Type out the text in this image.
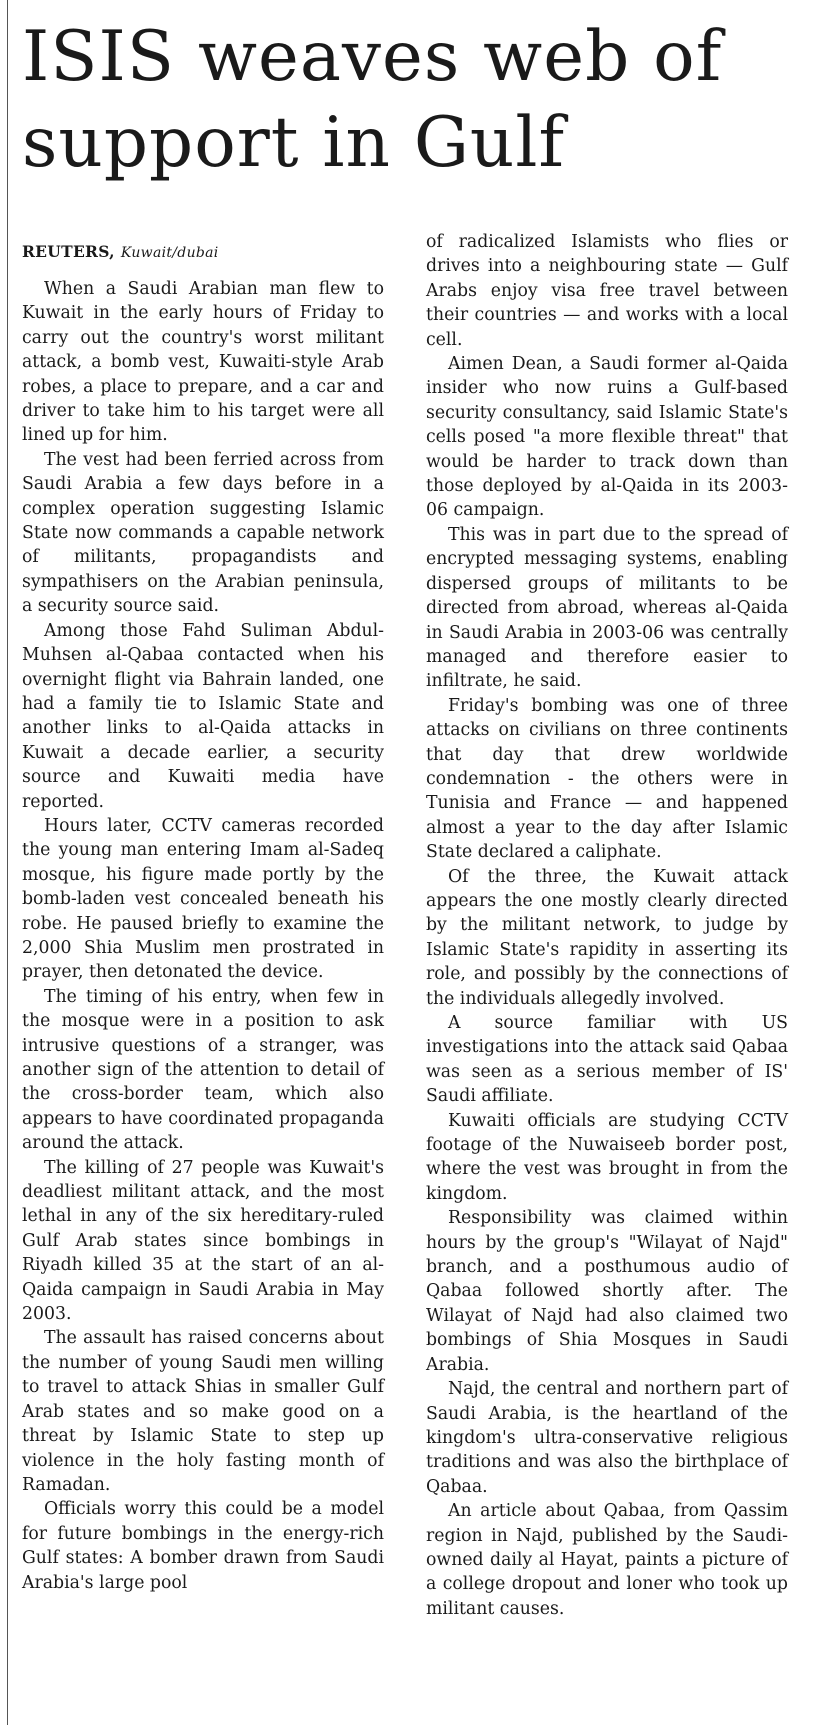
ISIS weaves web of support in Gulf
REUTERS, Kuwait/dubai

When a Saudi Arabian man flew to Kuwait in the early hours of Friday to carry out the country's worst militant attack, a bomb vest, Kuwaiti-style Arab robes, a place to prepare, and a car and driver to take him to his target were all lined up for him.

The vest had been ferried across from Saudi Arabia a few days before in a complex operation suggesting Islamic State now commands a capable network of militants, propagandists and sympathisers on the Arabian peninsula, a security source said.

Among those Fahd Suliman Abdul-Muhsen al-Qabaa contacted when his overnight flight via Bahrain landed, one had a family tie to Islamic State and another links to al-Qaida attacks in Kuwait a decade earlier, a security source and Kuwaiti media have reported.

Hours later, CCTV cameras recorded the young man entering Imam al-Sadeq mosque, his figure made portly by the bomb-laden vest concealed beneath his robe. He paused briefly to examine the 2,000 Shia Muslim men prostrated in prayer, then detonated the device.

The timing of his entry, when few in the mosque were in a position to ask intrusive questions of a stranger, was another sign of the attention to detail of the cross-border team, which also appears to have coordinated propaganda around the attack.

The killing of 27 people was Kuwait's deadliest militant attack, and the most lethal in any of the six hereditary-ruled Gulf Arab states since bombings in Riyadh killed 35 at the start of an al-Qaida campaign in Saudi Arabia in May 2003.

The assault has raised concerns about the number of young Saudi men willing to travel to attack Shias in smaller Gulf Arab states and so make good on a threat by Islamic State to step up violence in the holy fasting month of Ramadan.

Officials worry this could be a model for future bombings in the energy-rich Gulf states: A bomber drawn from Saudi Arabia's large pool

of radicalized Islamists who flies or drives into a neighbouring state — Gulf Arabs enjoy visa free travel between their countries — and works with a local cell.

Aimen Dean, a Saudi former al-Qaida insider who now ruins a Gulf-based security consultancy, said Islamic State's cells posed "a more flexible threat" that would be harder to track down than those deployed by al-Qaida in its 2003-06 campaign.

This was in part due to the spread of encrypted messaging systems, enabling dispersed groups of militants to be directed from abroad, whereas al-Qaida in Saudi Arabia in 2003-06 was centrally managed and therefore easier to infiltrate, he said.

Friday's bombing was one of three attacks on civilians on three continents that day that drew worldwide condemnation - the others were in Tunisia and France — and happened almost a year to the day after Islamic State declared a caliphate.

Of the three, the Kuwait attack appears the one mostly clearly directed by the militant network, to judge by Islamic State's rapidity in asserting its role, and possibly by the connections of the individuals allegedly involved.

A source familiar with US investigations into the attack said Qabaa was seen as a serious member of IS' Saudi affiliate.

Kuwaiti officials are studying CCTV footage of the Nuwaiseeb border post, where the vest was brought in from the kingdom.

Responsibility was claimed within hours by the group's "Wilayat of Najd" branch, and a posthumous audio of Qabaa followed shortly after. The Wilayat of Najd had also claimed two bombings of Shia Mosques in Saudi Arabia.

Najd, the central and northern part of Saudi Arabia, is the heartland of the kingdom's ultra-conservative religious traditions and was also the birthplace of Qabaa.

An article about Qabaa, from Qassim region in Najd, published by the Saudi-owned daily al Hayat, paints a picture of a college dropout and loner who took up militant causes.
